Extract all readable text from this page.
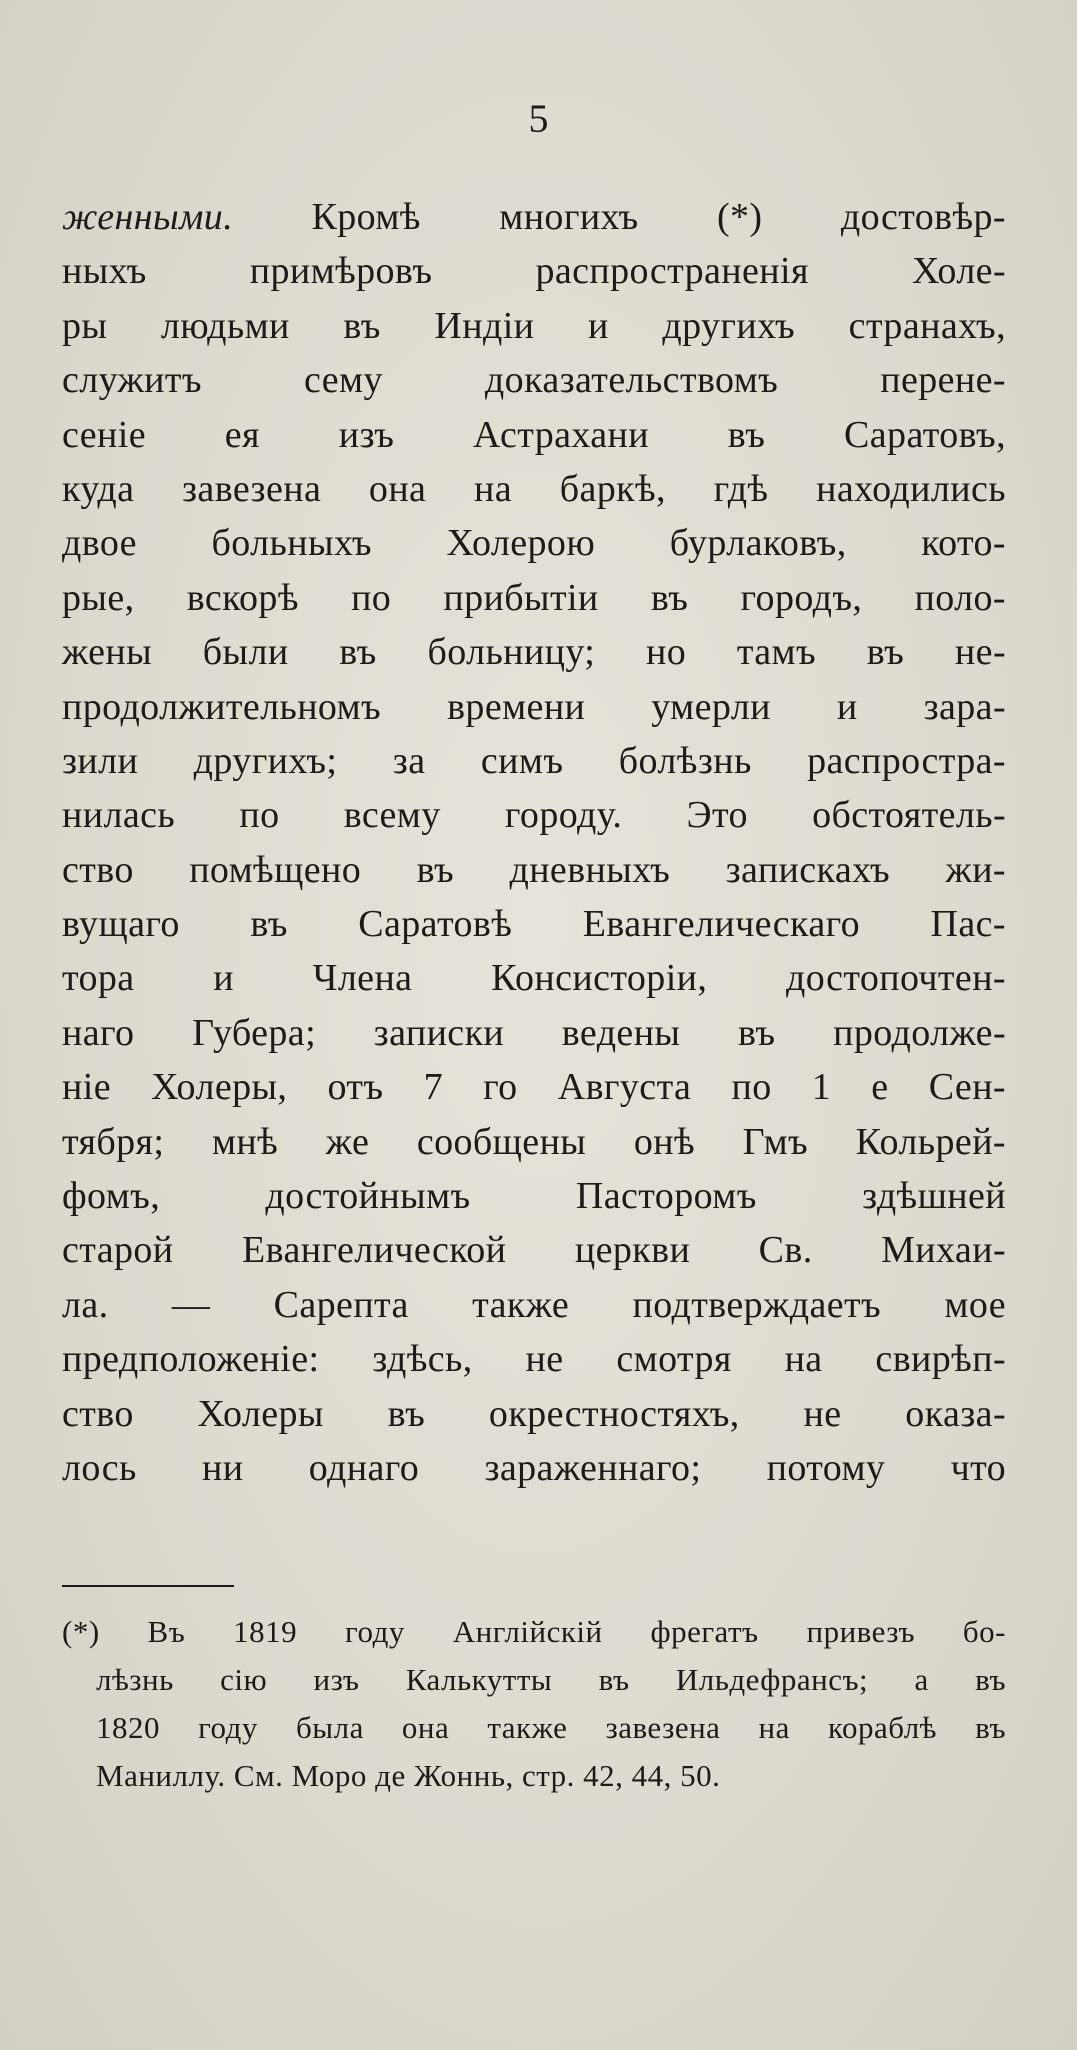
5
женными. Кромѣ многихъ (*) достовѣр-
ныхъ примѣровъ распространенія Холе-
ры людьми въ Индіи и другихъ странахъ,
служитъ сему доказательствомъ перене-
сеніе ея изъ Астрахани въ Саратовъ,
куда завезена она на баркѣ, гдѣ находились
двое больныхъ Холерою бурлаковъ, кото-
рые, вскорѣ по прибытіи въ городъ, поло-
жены были въ больницу; но тамъ въ не-
продолжительномъ времени умерли и зара-
зили другихъ; за симъ болѣзнь распростра-
нилась по всему городу. Это обстоятель-
ство помѣщено въ дневныхъ запискахъ жи-
вущаго въ Саратовѣ Евангелическаго Пас-
тора и Члена Консисторіи, достопочтен-
наго Губера; записки ведены въ продолже-
ніе Холеры, отъ 7 го Августа по 1 е Сен-
тября; мнѣ же сообщены онѣ Гмъ Кольрей-
фомъ, достойнымъ Пасторомъ здѣшней
старой Евангелической церкви Св. Михаи-
ла. — Сарепта также подтверждаетъ мое
предположеніе: здѣсь, не смотря на свирѣп-
ство Холеры въ окрестностяхъ, не оказа-
лось ни однаго зараженнаго; потому что
(*) Въ 1819 году Англійскій фрегатъ привезъ бо-
лѣзнь сію изъ Калькутты въ Ильдефрансъ; а въ
1820 году была она также завезена на кораблѣ въ
Маниллу. См. Моро де Жоннь, стр. 42, 44, 50.
